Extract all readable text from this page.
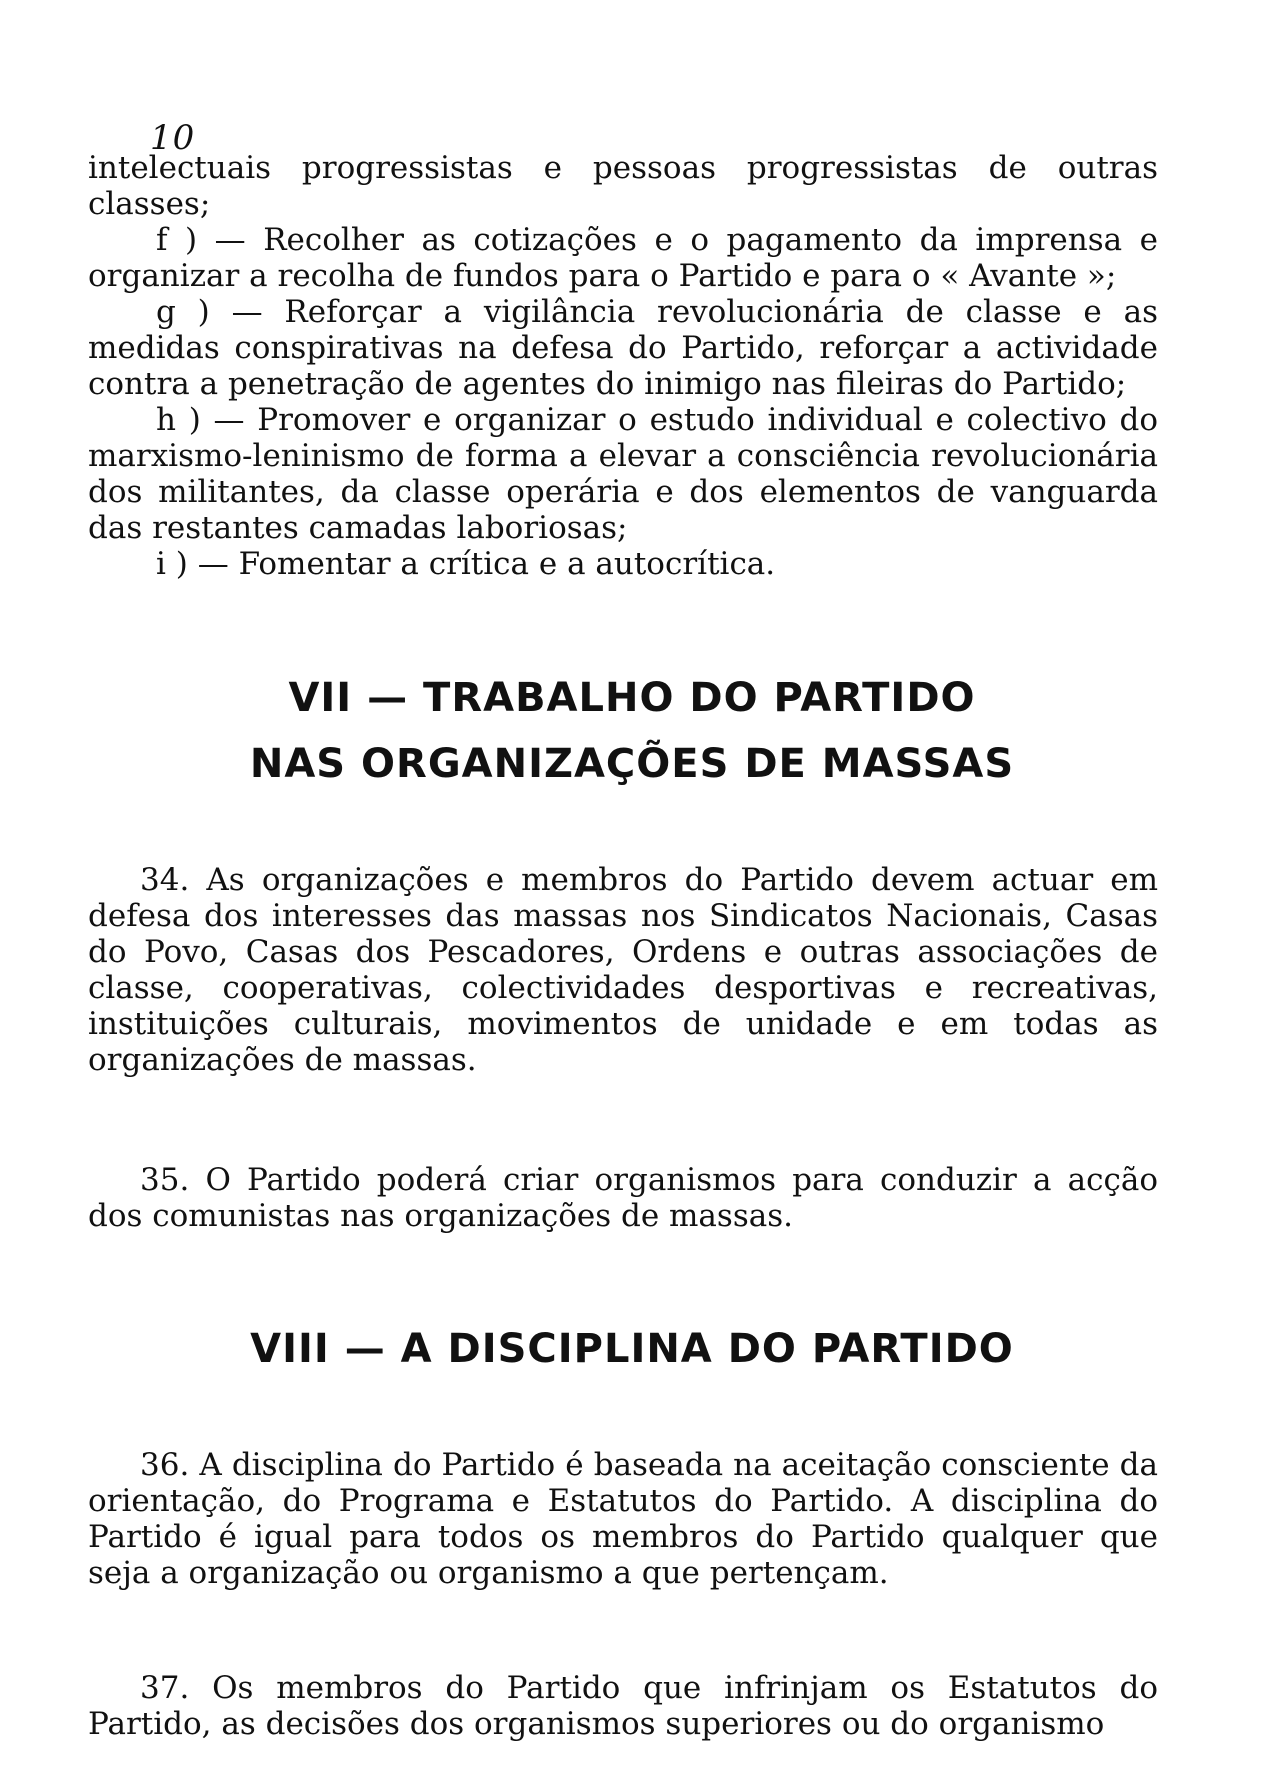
10

intelectuais progressistas e pessoas progressistas de outras classes;

f ) — Recolher as cotizações e o pagamento da imprensa e organizar a recolha de fundos para o Partido e para o « Avante »;

g ) — Reforçar a vigilância revolucionária de classe e as medidas conspirativas na defesa do Partido, reforçar a actividade contra a penetração de agentes do inimigo nas fileiras do Partido;

h ) — Promover e organizar o estudo individual e colectivo do marxismo-leninismo de forma a elevar a consciência revolucionária dos militantes, da classe operária e dos elementos de vanguarda das restantes camadas laboriosas;

i ) — Fomentar a crítica e a autocrítica.

VII — TRABALHO DO PARTIDO
NAS ORGANIZAÇÕES DE MASSAS

34. As organizações e membros do Partido devem actuar em defesa dos interesses das massas nos Sindicatos Nacionais, Casas do Povo, Casas dos Pescadores, Ordens e outras associações de classe, cooperativas, colectividades desportivas e recreativas, instituições culturais, movimentos de unidade e em todas as organizações de massas.

35. O Partido poderá criar organismos para conduzir a acção dos comunistas nas organizações de massas.

VIII — A DISCIPLINA DO PARTIDO

36. A disciplina do Partido é baseada na aceitação consciente da orientação, do Programa e Estatutos do Partido. A disciplina do Partido é igual para todos os membros do Partido qualquer que seja a organização ou organismo a que pertençam.

37. Os membros do Partido que infrinjam os Estatutos do Partido, as decisões dos organismos superiores ou do organismo
